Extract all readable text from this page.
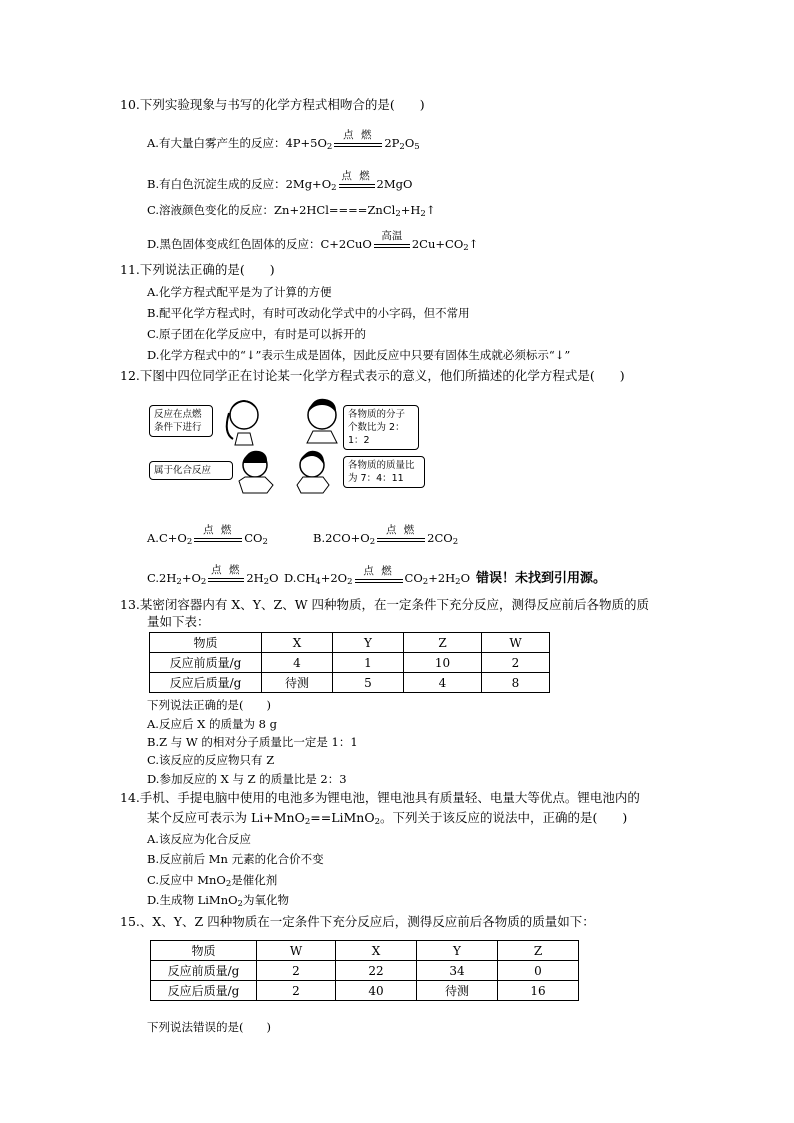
10.下列实验现象与书写的化学方程式相吻合的是(　　)
A.有大量白雾产生的反应：$4P+5O_2$
点 燃
$2P_2O_5$
B.有白色沉淀生成的反应：$2Mg+O_2$
点 燃
2MgO
C.溶液颜色变化的反应：$Zn+2HCl====ZnCl_2+H_2↑$
D.黑色固体变成红色固体的反应：C+2CuO
高温
$2Cu+CO_2↑$
11.下列说法正确的是(　　)
A.化学方程式配平是为了计算的方便
B.配平化学方程式时，有时可改动化学式中的小字码，但不常用
C.原子团在化学反应中，有时是可以拆开的
D.化学方程式中的“↓”表示生成是固体，因此反应中只要有固体生成就必须标示“↓”
12.下图中四位同学正在讨论某一化学方程式表示的意义，他们所描述的化学方程式是(　　)
反应在点燃条件下进行
各物质的分子个数比为 2：1：2
属于化合反应	各物质的质量比为 7：4：11
$A.C+O_2$
点 燃
$CO_2$	$B.2CO+O_2$
点 燃
$2CO_2$
$C.2H_2+O_2$
点 燃
$2H_2O$ $D.CH_4+2O_2$
点 燃 $CO_2+2H_2O$ 错误！未找到引用源。
13.某密闭容器内有 X、Y、Z、W 四种物质，在一定条件下充分反应，测得反应前后各物质的质
量如下表：
物质	X	Y	Z	W
反应前质量/g	4	1	10	2
反应后质量/g	待测	5	4	8
下列说法正确的是(　　)
A.反应后 X 的质量为 8 g
B.Z 与 W 的相对分子质量比一定是 1：1
C.该反应的反应物只有 Z
D.参加反应的 X 与 Z 的质量比是 2：3
14.手机、手提电脑中使用的电池多为锂电池，锂电池具有质量轻、电量大等优点。锂电池内的
某个反应可表示为 Li+MnO$_2$==LiMnO$_2$。下列关于该反应的说法中，正确的是(　　)
A.该反应为化合反应
B.反应前后 Mn 元素的化合价不变
C.反应中 MnO$_2$是催化剂
D.生成物 LiMnO$_2$为氧化物
15.、X、Y、Z 四种物质在一定条件下充分反应后，测得反应前后各物质的质量如下：
物质	W	X	Y	Z
反应前质量/g	2	22	34	0
反应后质量/g	2	40	待测	16
下列说法错误的是(　　)
